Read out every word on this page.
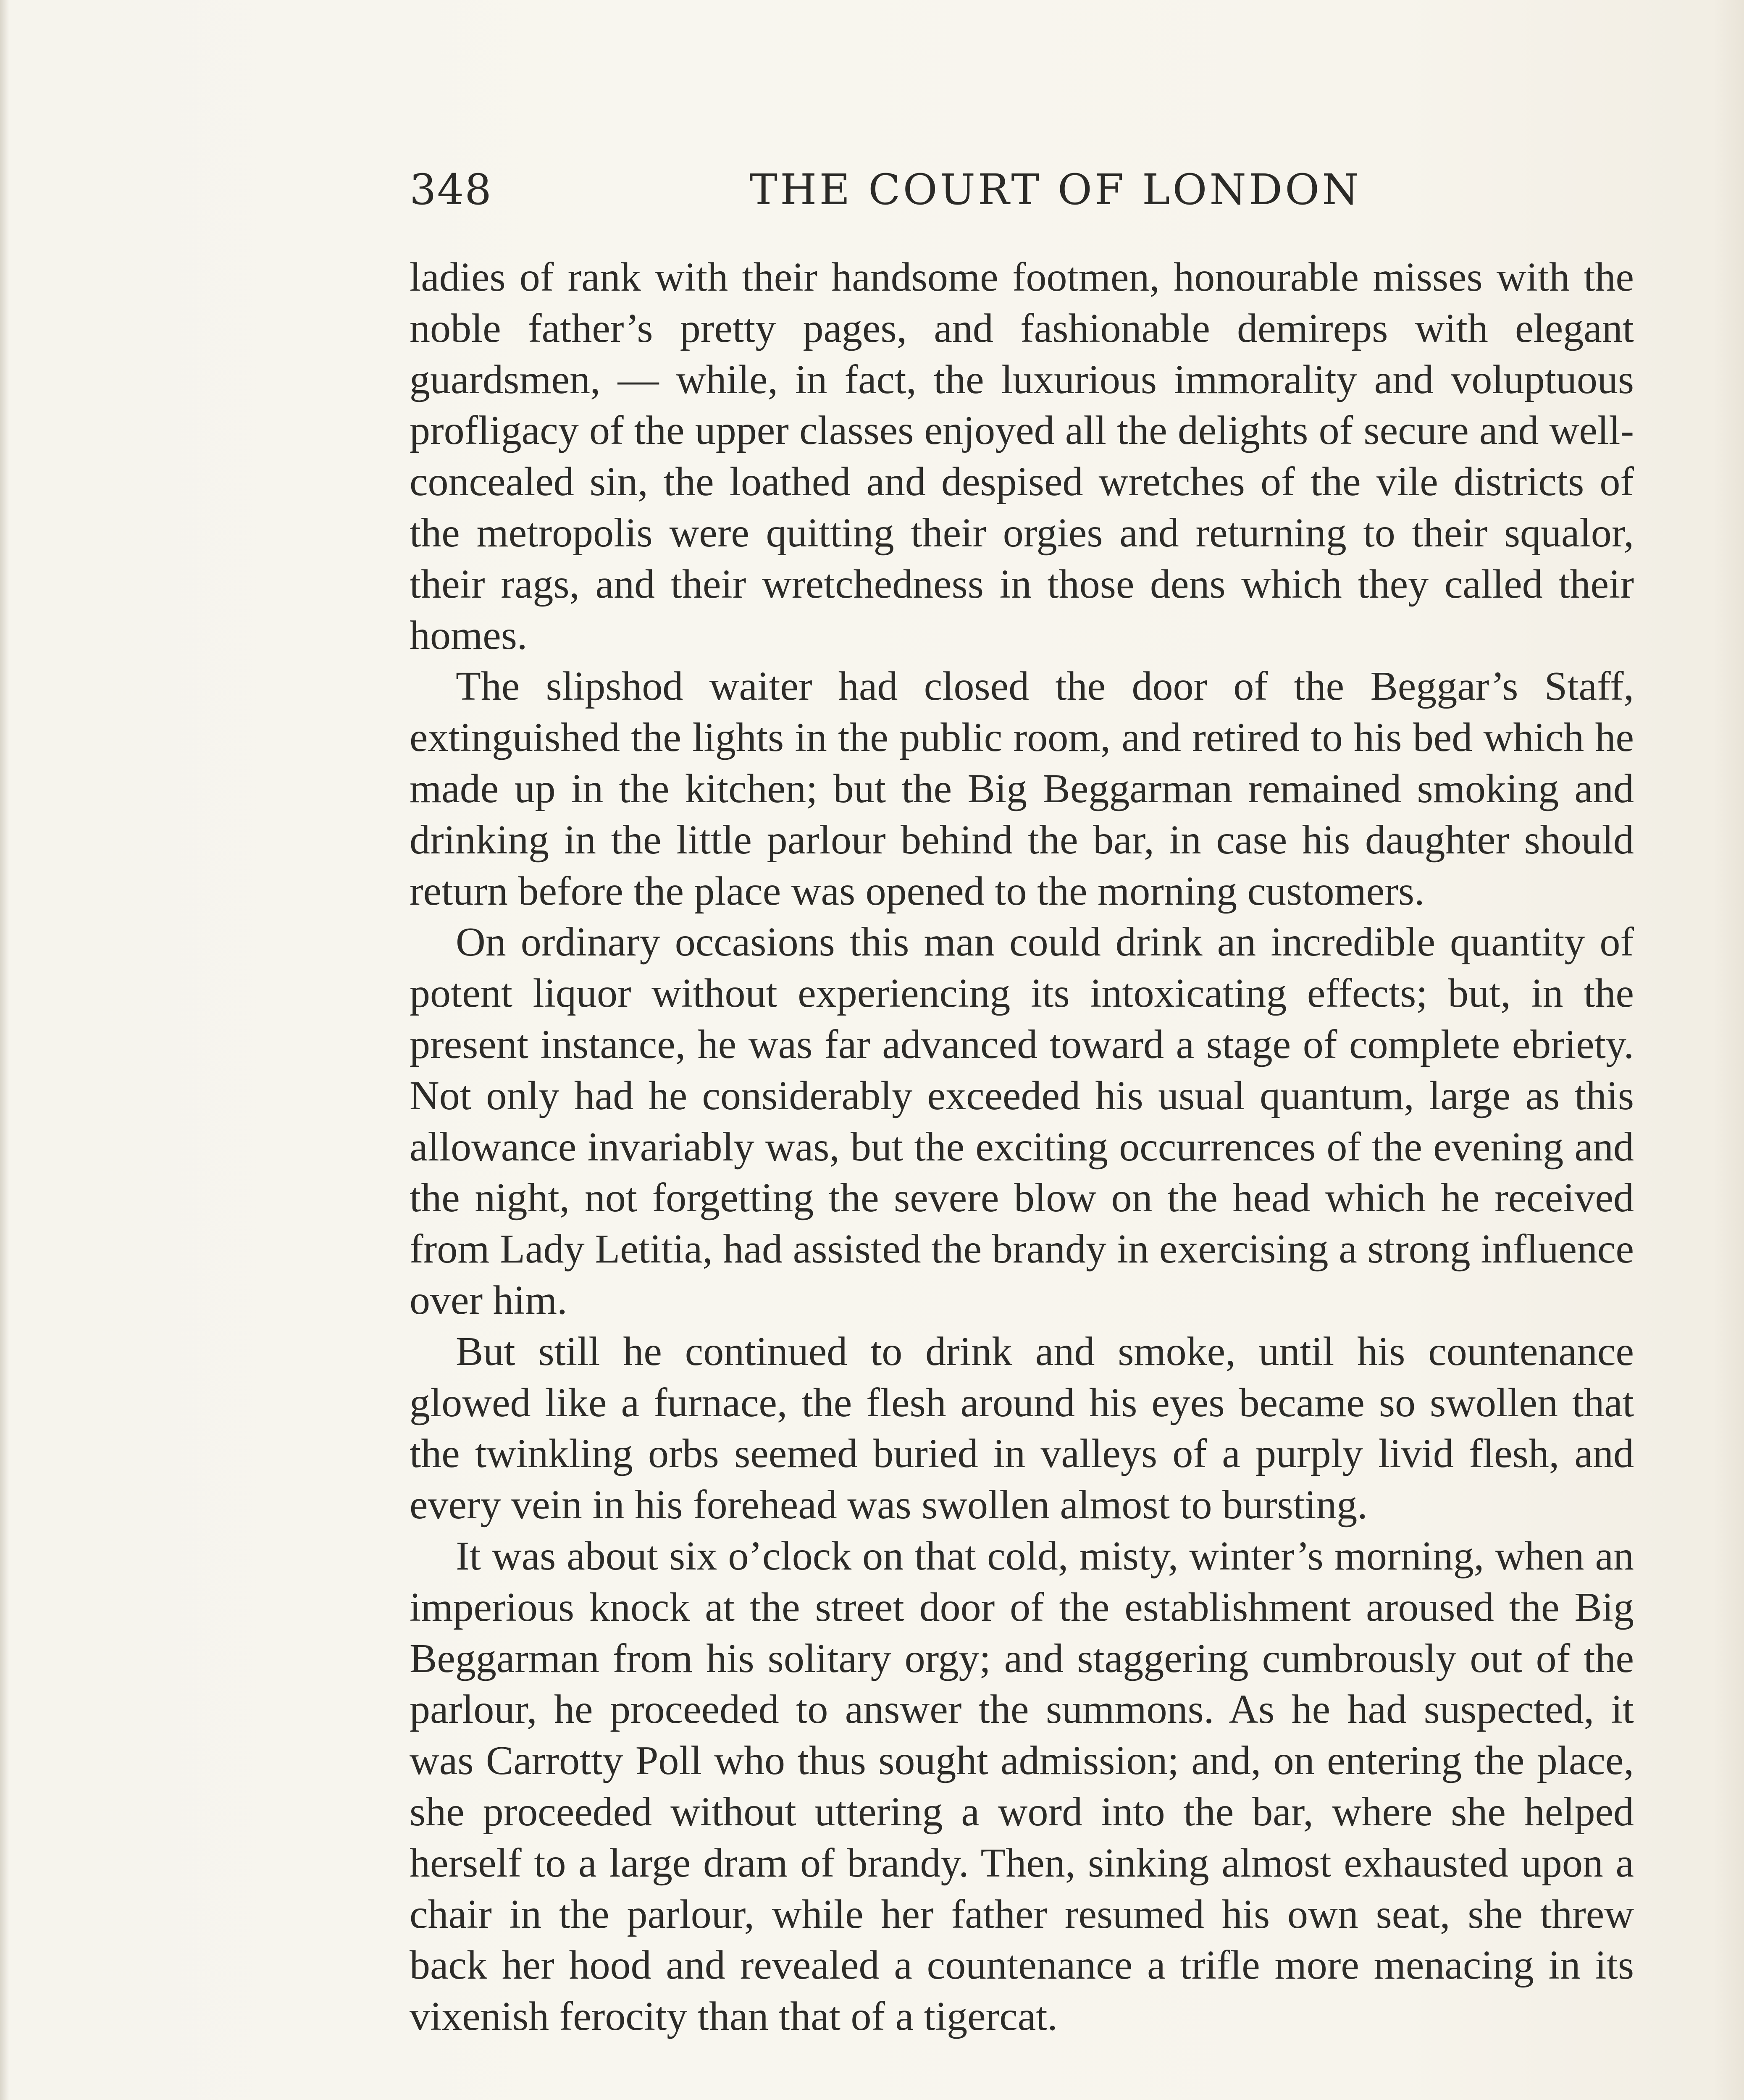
348	THE COURT OF LONDON

ladies of rank with their handsome footmen, honourable misses with the noble father’s pretty pages, and fashionable demireps with elegant guardsmen, — while, in fact, the luxurious immorality and voluptuous profligacy of the upper classes enjoyed all the delights of secure and well-concealed sin, the loathed and despised wretches of the vile districts of the metropolis were quitting their orgies and returning to their squalor, their rags, and their wretchedness in those dens which they called their homes.

The slipshod waiter had closed the door of the Beggar’s Staff, extinguished the lights in the public room, and retired to his bed which he made up in the kitchen; but the Big Beggarman remained smoking and drinking in the little parlour behind the bar, in case his daughter should return before the place was opened to the morning customers.

On ordinary occasions this man could drink an incredible quantity of potent liquor without experiencing its intoxicating effects; but, in the present instance, he was far advanced toward a stage of complete ebriety. Not only had he considerably exceeded his usual quantum, large as this allowance invariably was, but the exciting occurrences of the evening and the night, not forgetting the severe blow on the head which he received from Lady Letitia, had assisted the brandy in exercising a strong influence over him.

But still he continued to drink and smoke, until his countenance glowed like a furnace, the flesh around his eyes became so swollen that the twinkling orbs seemed buried in valleys of a purply livid flesh, and every vein in his forehead was swollen almost to bursting.

It was about six o’clock on that cold, misty, winter’s morning, when an imperious knock at the street door of the establishment aroused the Big Beggarman from his solitary orgy; and staggering cumbrously out of the parlour, he proceeded to answer the summons. As he had suspected, it was Carrotty Poll who thus sought admission; and, on entering the place, she proceeded without uttering a word into the bar, where she helped herself to a large dram of brandy. Then, sinking almost exhausted upon a chair in the parlour, while her father resumed his own seat, she threw back her hood and revealed a countenance a trifle more menacing in its vixenish ferocity than that of a tigercat.
